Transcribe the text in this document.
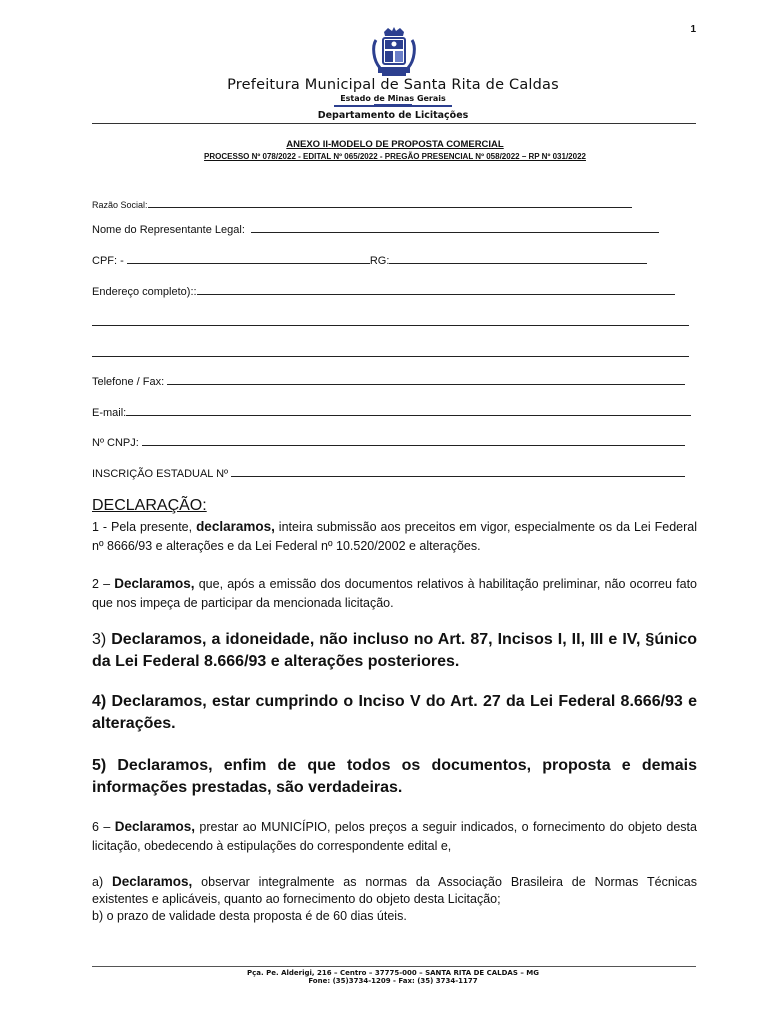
1
Prefeitura Municipal de Santa Rita de Caldas
Estado de Minas Gerais
Departamento de Licitações
ANEXO II-MODELO DE PROPOSTA COMERCIAL
PROCESSO Nº 078/2022 - EDITAL Nº 065/2022 - PREGÃO PRESENCIAL Nº 058/2022 – RP Nº 031/2022
Razão Social:
Nome do Representante Legal:
CPF: -	RG:
Endereço completo)::
Telefone / Fax:
E-mail:
Nº CNPJ:
INSCRIÇÃO ESTADUAL Nº
DECLARAÇÃO:
1 - Pela presente, declaramos, inteira submissão aos preceitos em vigor, especialmente os da Lei Federal nº 8666/93 e alterações e da Lei Federal nº 10.520/2002 e alterações.
2 – Declaramos, que, após a emissão dos documentos relativos à habilitação preliminar, não ocorreu fato que nos impeça de participar da mencionada licitação.
3) Declaramos, a idoneidade, não incluso no Art. 87, Incisos I, II, III e IV, §único da Lei Federal 8.666/93 e alterações posteriores.
4) Declaramos, estar cumprindo o Inciso V do Art. 27 da Lei Federal 8.666/93 e alterações.
5) Declaramos, enfim de que todos os documentos, proposta e demais informações prestadas, são verdadeiras.
6 – Declaramos, prestar ao MUNICÍPIO, pelos preços a seguir indicados, o fornecimento do objeto desta licitação, obedecendo à estipulações do correspondente edital e,
a) Declaramos, observar integralmente as normas da Associação Brasileira de Normas Técnicas existentes e aplicáveis, quanto ao fornecimento do objeto desta Licitação;
b) o prazo de validade desta proposta é de 60 dias úteis.
Pça. Pe. Alderigi, 216 – Centro – 37775-000 – SANTA RITA DE CALDAS – MG
Fone: (35)3734-1209 - Fax: (35) 3734-1177
